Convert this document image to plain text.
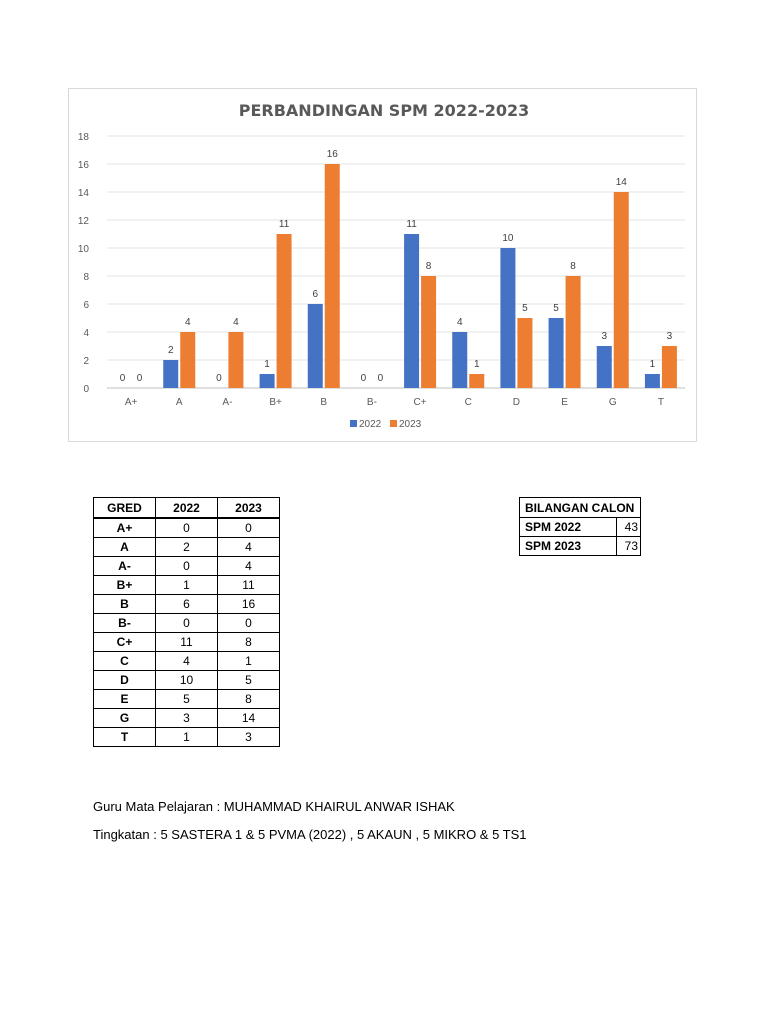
PERBANDINGAN SPM 2022-2023
0
2
4
6
8
10
12
14
16
18
0 0
A+
2
4
A
0
4
A-
1
11
B+
6
16
B
0 0
B-
11
8
C+
4
1
C
10
5
D
5
8
E
3
14
G
1
3
T
2022 2023
GRED	2022	2023
A+	0	0
A	2	4
A-	0	4
B+	1	11
B	6	16
B-	0	0
C+	11	8
C	4	1
D	10	5
E	5	8
G	3	14
T	1	3
BILANGAN CALON	
SPM 2022	43
SPM 2023	73
Guru Mata Pelajaran : MUHAMMAD KHAIRUL ANWAR ISHAK
Tingkatan : 5 SASTERA 1 & 5 PVMA (2022) , 5 AKAUN , 5 MIKRO & 5 TS1
